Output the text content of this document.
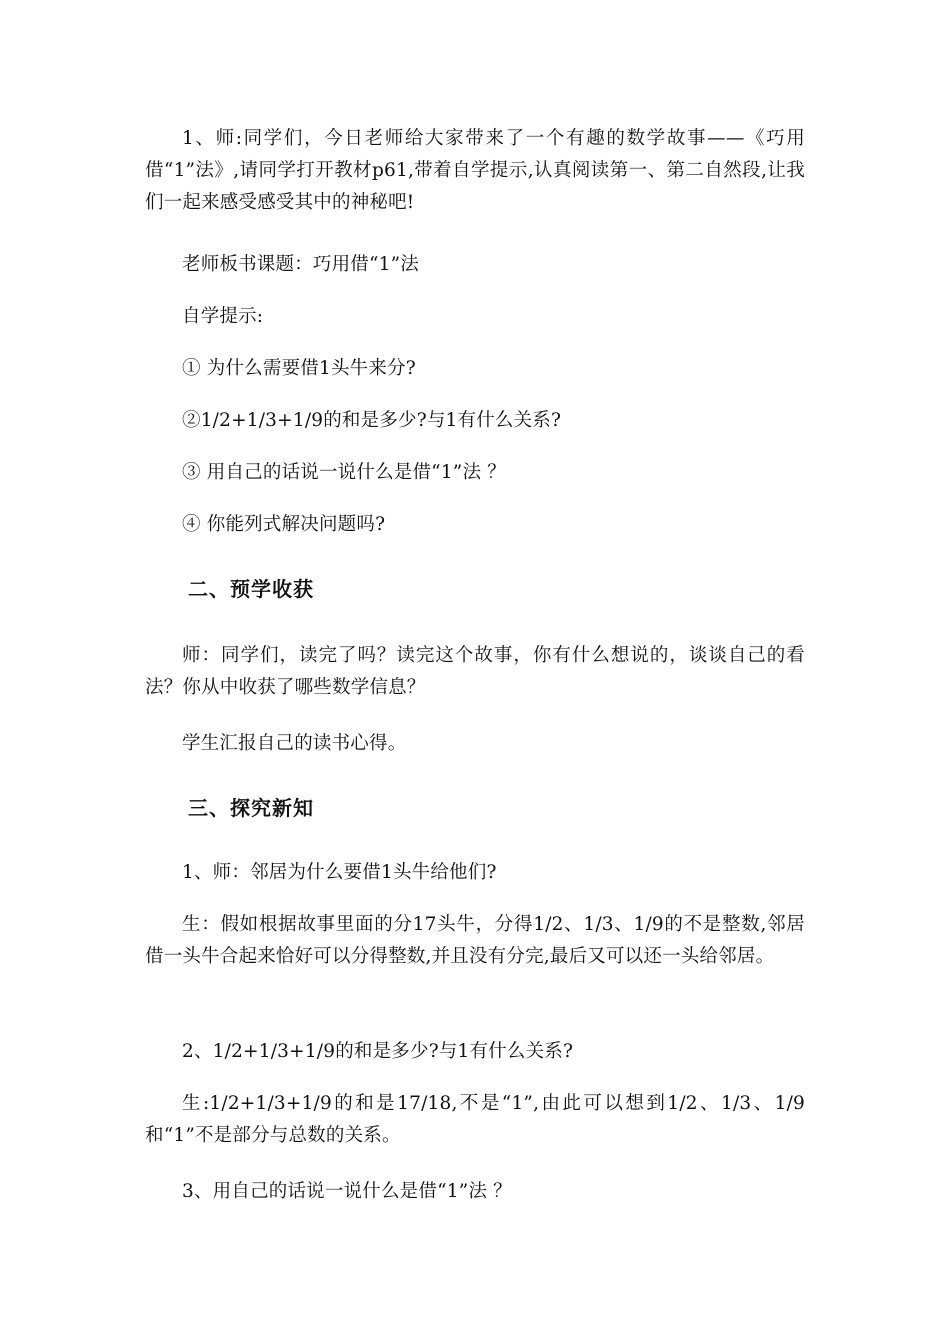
1、师:同学们，今日老师给大家带来了一个有趣的数学故事——《巧用借“1”法》,请同学打开教材p61,带着自学提示,认真阅读第一、第二自然段,让我们一起来感受感受其中的神秘吧!

老师板书课题：巧用借“1”法

自学提示:

① 为什么需要借1头牛来分?

②1/2+1/3+1/9的和是多少?与1有什么关系?

③ 用自己的话说一说什么是借“1”法 ？

④ 你能列式解决问题吗?

二、预学收获

师：同学们，读完了吗？读完这个故事，你有什么想说的，谈谈自己的看法？你从中收获了哪些数学信息？

学生汇报自己的读书心得。

三、探究新知

1、师：邻居为什么要借1头牛给他们?

生：假如根据故事里面的分17头牛，分得1/2、1/3、1/9的不是整数,邻居借一头牛合起来恰好可以分得整数,并且没有分完,最后又可以还一头给邻居。

2、1/2+1/3+1/9的和是多少?与1有什么关系?

生:1/2+1/3+1/9的和是17/18,不是“1”,由此可以想到1/2、1/3、1/9和“1”不是部分与总数的关系。

3、用自己的话说一说什么是借“1”法 ？
